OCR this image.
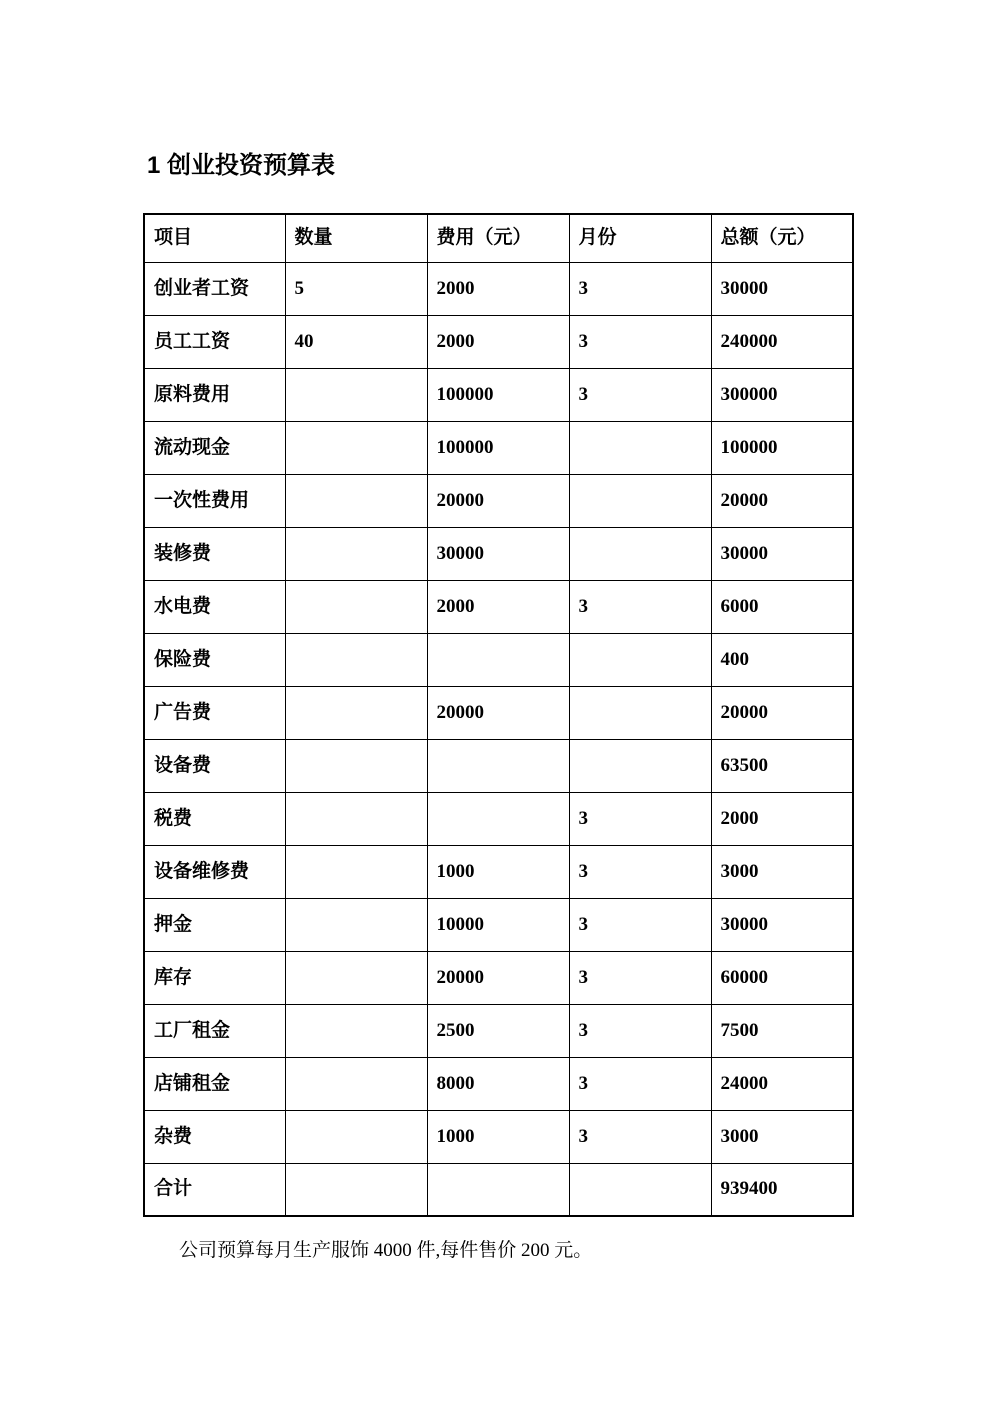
1 创业投资预算表
项目	数量	费用（元）	月份	总额（元）
创业者工资	5	2000	3	30000
员工工资	40	2000	3	240000
原料费用		100000	3	300000
流动现金		100000		100000
一次性费用		20000		20000
装修费		30000		30000
水电费		2000	3	6000
保险费				400
广告费		20000		20000
设备费				63500
税费			3	2000
设备维修费		1000	3	3000
押金		10000	3	30000
库存		20000	3	60000
工厂租金		2500	3	7500
店铺租金		8000	3	24000
杂费		1000	3	3000
合计				939400
公司预算每月生产服饰 4000 件,每件售价 200 元。
